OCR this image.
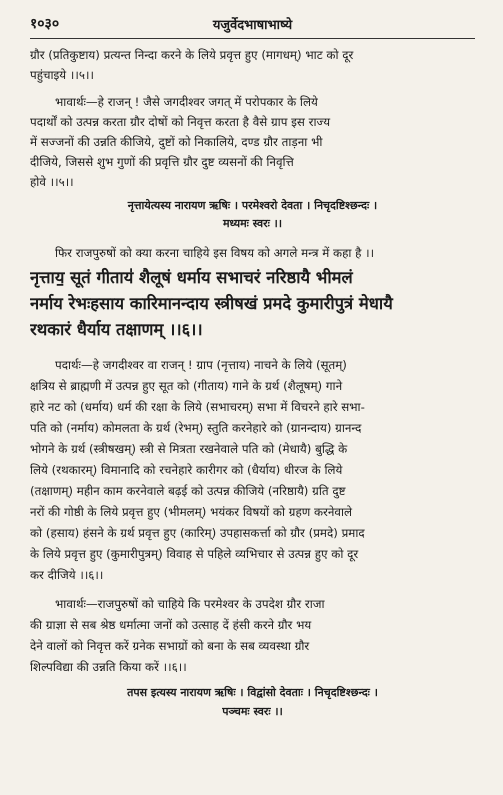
१०३०	यजुर्वेदभाषाभाष्ये
ग्रौर (प्रतिकुष्टाय) प्रत्यन्त निन्दा करने के लिये प्रवृत्त हुए (मागधम्) भाट को दूर
पहुंचाइये ।।५।।
भावार्थः—हे राजन् ! जैसे जगदीश्वर जगत् में परोपकार के लिये
पदार्थों को उत्पन्न करता ग्रौर दोषों को निवृत्त करता है वैसे ग्राप इस राज्य
में सज्जनों की उन्नति कीजिये, दुष्टों को निकालिये, दण्ड ग्रौर ताड़ना भी
दीजिये, जिससे शुभ गुणों की प्रवृत्ति ग्रौर दुष्ट व्यसनों की निवृत्ति
होवे ।।५।।
नृत्तायेत्यस्य नारायण ऋषिः । परमेश्वरो देवता । निचृदष्टिश्छन्दः ।
मध्यमः स्वरः ।।
फिर राजपुरुषों को क्या करना चाहिये इस विषय को अगले मन्त्र में कहा है ।।
नृत्ताय॒ सूतं गीताय॑ शैलूषं धर्माय सभाचरं नरिष्ठायै भीमलं
नर्माय रेभःहसाय कारिमानन्दाय स्त्रीषखं प्रमदे कुमारीपुत्रं मेधायै
रथकारं धैर्याय तक्षाणम् ।।६।।
पदार्थः—हे जगदीश्वर वा राजन् ! ग्राप (नृत्ताय) नाचने के लिये (सूतम्)
क्षत्रिय से ब्राह्मणी में उत्पन्न हुए सूत को (गीताय) गाने के ग्रर्थ (शैलूषम्) गाने
हारे नट को (धर्माय) धर्म की रक्षा के लिये (सभाचरम्) सभा में विचरने हारे सभा-
पति को (नर्माय) कोमलता के ग्रर्थ (रेभम्) स्तुति करनेहारे को (ग्रानन्दाय) ग्रानन्द
भोगने के ग्रर्थ (स्त्रीषखम्) स्त्री से मित्रता रखनेवाले पति को (मेधायै) बुद्धि के
लिये (रथकारम्) विमानादि को रचनेहारे कारीगर को (धैर्याय) धीरज के लिये
(तक्षाणम्) महीन काम करनेवाले बढ़ई को उत्पन्न कीजिये (नरिष्ठायै) ग्रति दुष्ट
नरों की गोष्ठी के लिये प्रवृत्त हुए (भीमलम्) भयंकर विषयों को ग्रहण करनेवाले
को (हसाय) हंसने के ग्रर्थ प्रवृत्त हुए (कारिम्) उपहासकर्त्ता को ग्रौर (प्रमदे) प्रमाद
के लिये प्रवृत्त हुए (कुमारीपुत्रम्) विवाह से पहिले व्यभिचार से उत्पन्न हुए को दूर
कर दीजिये ।।६।।
भावार्थः—राजपुरुषों को चाहिये कि परमेश्वर के उपदेश ग्रौर राजा
की ग्राज्ञा से सब श्रेष्ठ धर्मात्मा जनों को उत्साह दें हंसी करने ग्रौर भय
देने वालों को निवृत्त करें ग्रनेक सभाग्रों को बना के सब व्यवस्था ग्रौर
शिल्पविद्या की उन्नति किया करें ।।६।।
तपस इत्यस्य नारायण ऋषिः । विद्वांसो देवताः । निचृदष्टिश्छन्दः ।
पञ्चमः स्वरः ।।
